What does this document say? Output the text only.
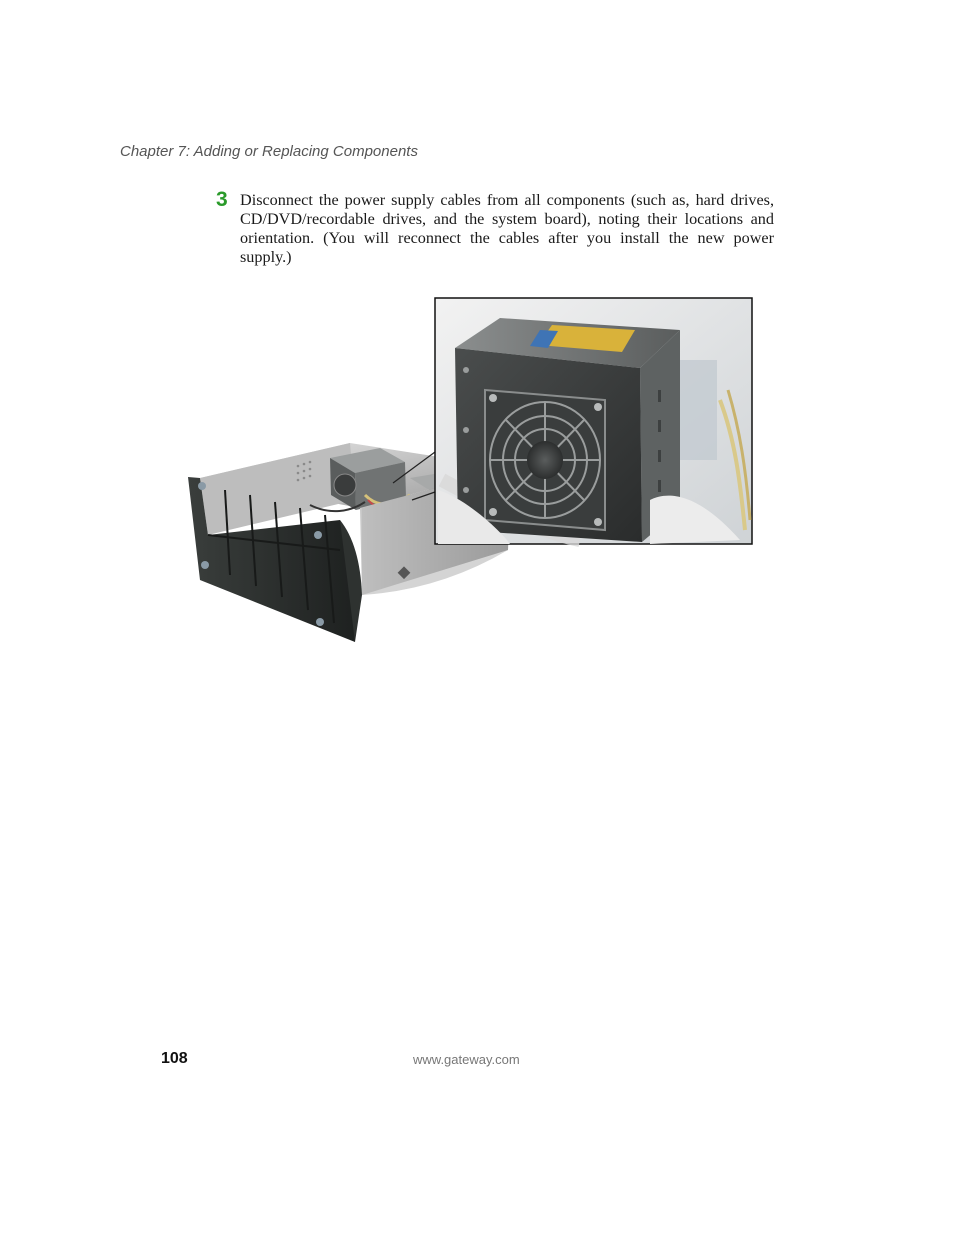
Chapter 7: Adding or Replacing Components
3 Disconnect the power supply cables from all components (such as, hard drives, CD/DVD/recordable drives, and the system board), noting their locations and orientation. (You will reconnect the cables after you install the new power supply.)
108	www.gateway.com
